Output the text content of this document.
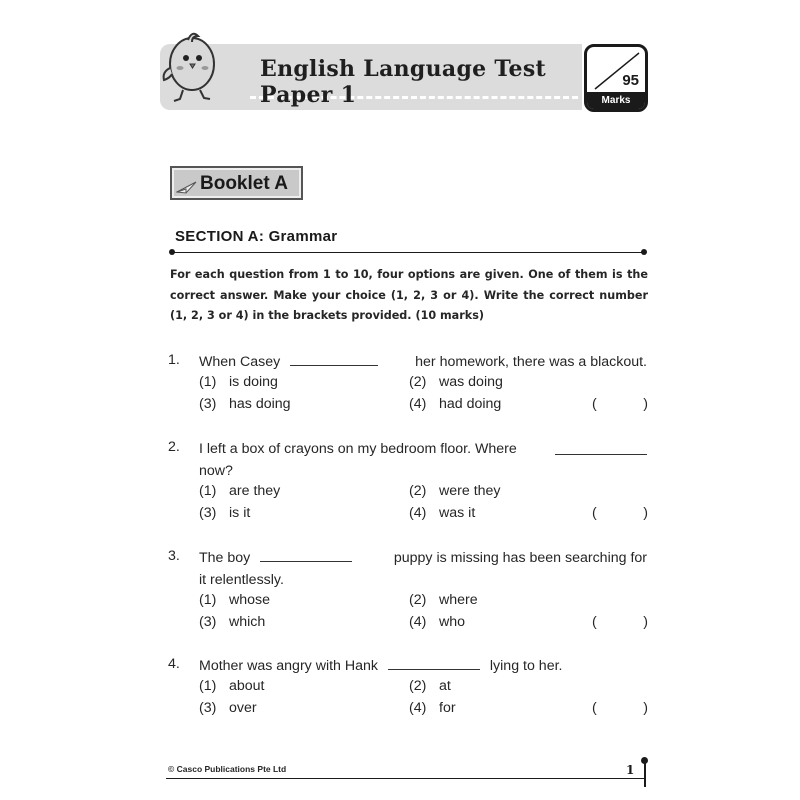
English Language Test Paper 1
95
Marks
Booklet A
SECTION A: Grammar
For each question from 1 to 10, four options are given. One of them is the correct answer. Make your choice (1, 2, 3 or 4). Write the correct number (1, 2, 3 or 4) in the brackets provided. (10 marks)
1. When Casey	her homework, there was a blackout.
(1) is doing	(2) was doing
(3) has doing	(4) had doing	(	)
2. I left a box of crayons on my bedroom floor. Where
now?
(1) are they	(2) were they
(3) is it	(4) was it	(	)
3. The boy	puppy is missing has been searching for
it relentlessly.
(1) whose	(2) where
(3) which	(4) who	(	)
4. Mother was angry with Hank	lying to her.
(1) about	(2) at
(3) over	(4) for	(	)
© Casco Publications Pte Ltd	1
